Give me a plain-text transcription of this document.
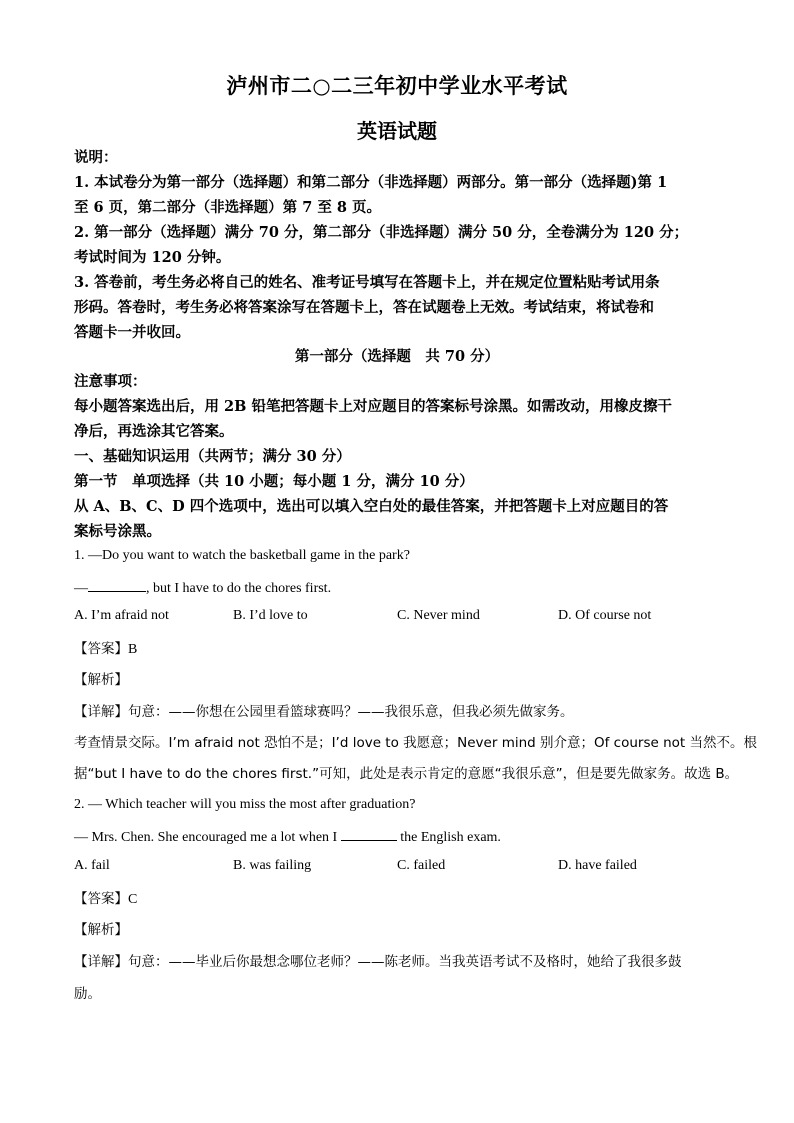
泸州市二○二三年初中学业水平考试
英语试题
说明：
1. 本试卷分为第一部分（选择题）和第二部分（非选择题）两部分。第一部分（选择题)第 1
至 6 页，第二部分（非选择题）第 7 至 8 页。
2. 第一部分（选择题）满分 70 分，第二部分（非选择题）满分 50 分，全卷满分为 120 分；
考试时间为 120 分钟。
3. 答卷前，考生务必将自己的姓名、准考证号填写在答题卡上，并在规定位置粘贴考试用条
形码。答卷时，考生务必将答案涂写在答题卡上，答在试题卷上无效。考试结束，将试卷和
答题卡一并收回。
第一部分（选择题　共 70 分）
注意事项：
每小题答案选出后，用 2B 铅笔把答题卡上对应题目的答案标号涂黑。如需改动，用橡皮擦干
净后，再选涂其它答案。
一、基础知识运用（共两节；满分 30 分）
第一节　单项选择（共 10 小题；每小题 1 分，满分 10 分）
从 A、B、C、D 四个选项中，选出可以填入空白处的最佳答案，并把答题卡上对应题目的答
案标号涂黑。
1. —Do you want to watch the basketball game in the park?
—	, but I have to do the chores first.
A. I’m afraid not	B. I’d love to	C. Never mind	D. Of course not
【答案】B
【解析】
【详解】句意：——你想在公园里看篮球赛吗？——我很乐意，但我必须先做家务。
考查情景交际。I’m afraid not 恐怕不是；I’d love to 我愿意；Never mind 别介意；Of course not 当然不。根
据“but I have to do the chores first.”可知，此处是表示肯定的意愿“我很乐意”，但是要先做家务。故选 B。
2. — Which teacher will you miss the most after graduation?
— Mrs. Chen. She encouraged me a lot when I	the English exam.
A. fail	B. was failing	C. failed	D. have failed
【答案】C
【解析】
【详解】句意：——毕业后你最想念哪位老师？——陈老师。当我英语考试不及格时，她给了我很多鼓
励。
